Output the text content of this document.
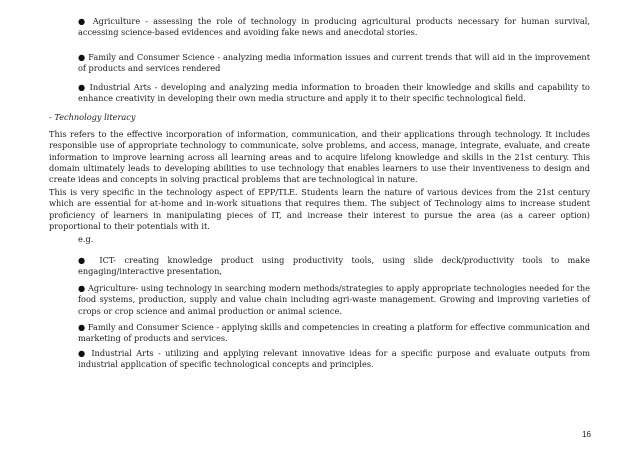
● Agriculture - assessing the role of technology in producing agricultural products necessary for human survival, accessing science-based evidences and avoiding fake news and anecdotal stories.

● Family and Consumer Science - analyzing media information issues and current trends that will aid in the improvement of products and services rendered

● Industrial Arts - developing and analyzing media information to broaden their knowledge and skills and capability to enhance creativity in developing their own media structure and apply it to their specific technological field.

- Technology literacy

This refers to the effective incorporation of information, communication, and their applications through technology. It includes responsible use of appropriate technology to communicate, solve problems, and access, manage, integrate, evaluate, and create information to improve learning across all learning areas and to acquire lifelong knowledge and skills in the 21st century. This domain ultimately leads to developing abilities to use technology that enables learners to use their inventiveness to design and create ideas and concepts in solving practical problems that are technological in nature.

This is very specific in the technology aspect of EPP/TLE. Students learn the nature of various devices from the 21st century which are essential for at-home and in-work situations that requires them. The subject of Technology aims to increase student proficiency of learners in manipulating pieces of IT, and increase their interest to pursue the area (as a career option) proportional to their potentials with it.

e.g.

● ICT- creating knowledge product using productivity tools, using slide deck/productivity tools to make engaging/interactive presentation,

● Agriculture- using technology in searching modern methods/strategies to apply appropriate technologies needed for the food systems, production, supply and value chain including agri-waste management. Growing and improving varieties of crops or crop science and animal production or animal science.

● Family and Consumer Science - applying skills and competencies in creating a platform for effective communication and marketing of products and services.

● Industrial Arts - utilizing and applying relevant innovative ideas for a specific purpose and evaluate outputs from industrial application of specific technological concepts and principles.

16
